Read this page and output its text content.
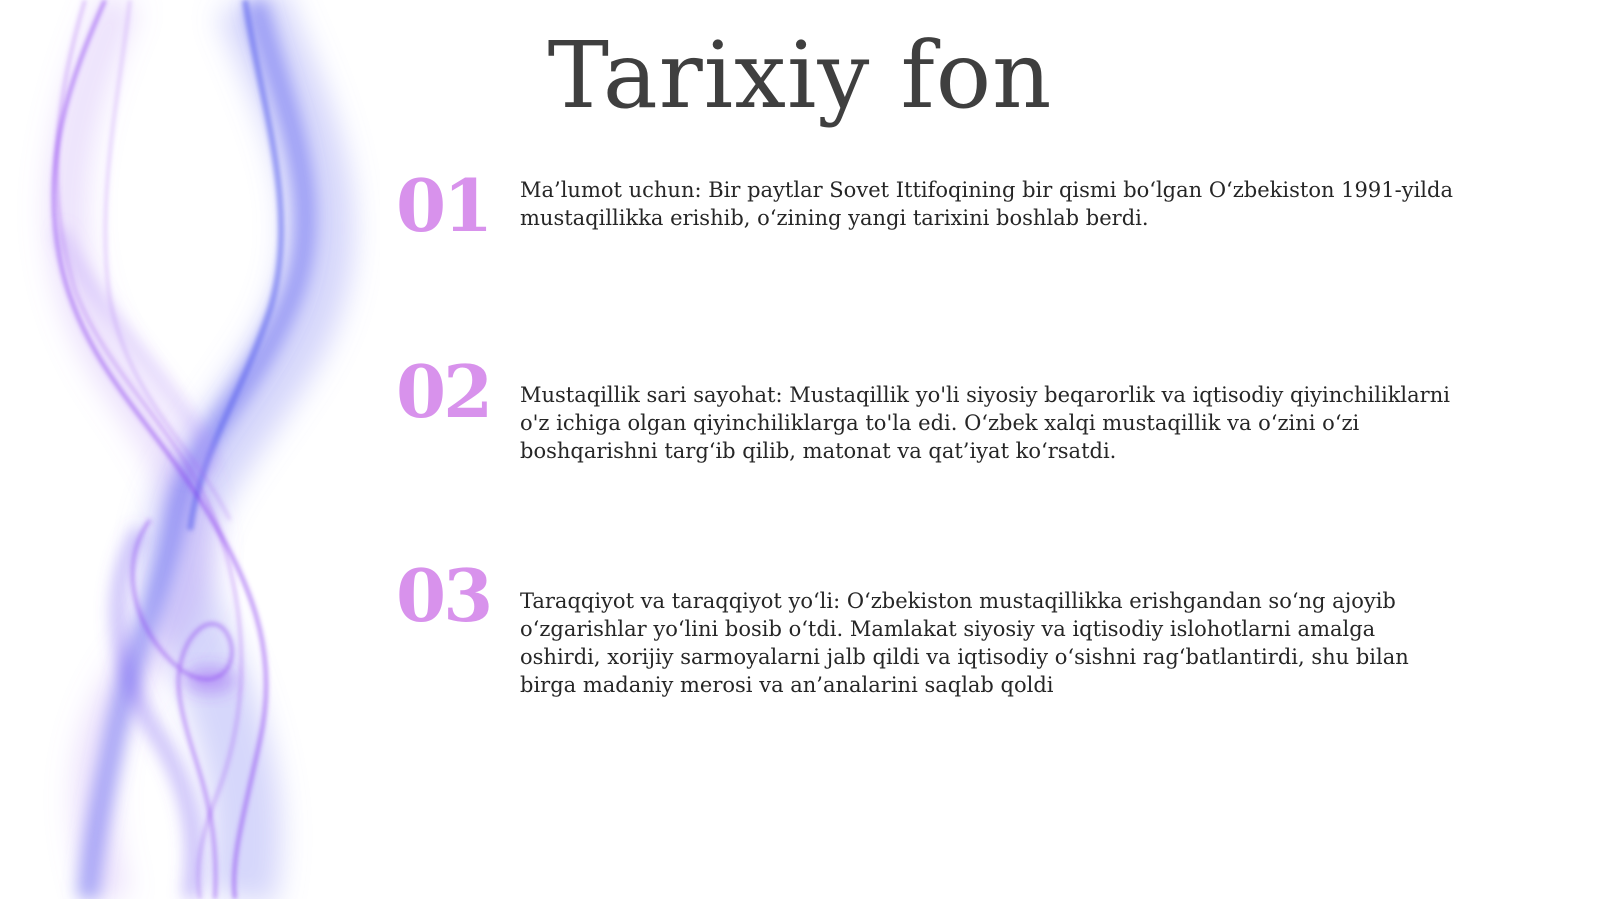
Tarixiy fon
01 Ma’lumot uchun: Bir paytlar Sovet Ittifoqining bir qismi bo‘lgan O‘zbekiston 1991-yilda mustaqillikka erishib, o‘zining yangi tarixini boshlab berdi.
02 Mustaqillik sari sayohat: Mustaqillik yo'li siyosiy beqarorlik va iqtisodiy qiyinchiliklarni o'z ichiga olgan qiyinchiliklarga to'la edi. O‘zbek xalqi mustaqillik va o‘zini o‘zi boshqarishni targ‘ib qilib, matonat va qat’iyat ko‘rsatdi.
03 Taraqqiyot va taraqqiyot yo‘li: O‘zbekiston mustaqillikka erishgandan so‘ng ajoyib o‘zgarishlar yo‘lini bosib o‘tdi. Mamlakat siyosiy va iqtisodiy islohotlarni amalga oshirdi, xorijiy sarmoyalarni jalb qildi va iqtisodiy o‘sishni rag‘batlantirdi, shu bilan birga madaniy merosi va an’analarini saqlab qoldi
